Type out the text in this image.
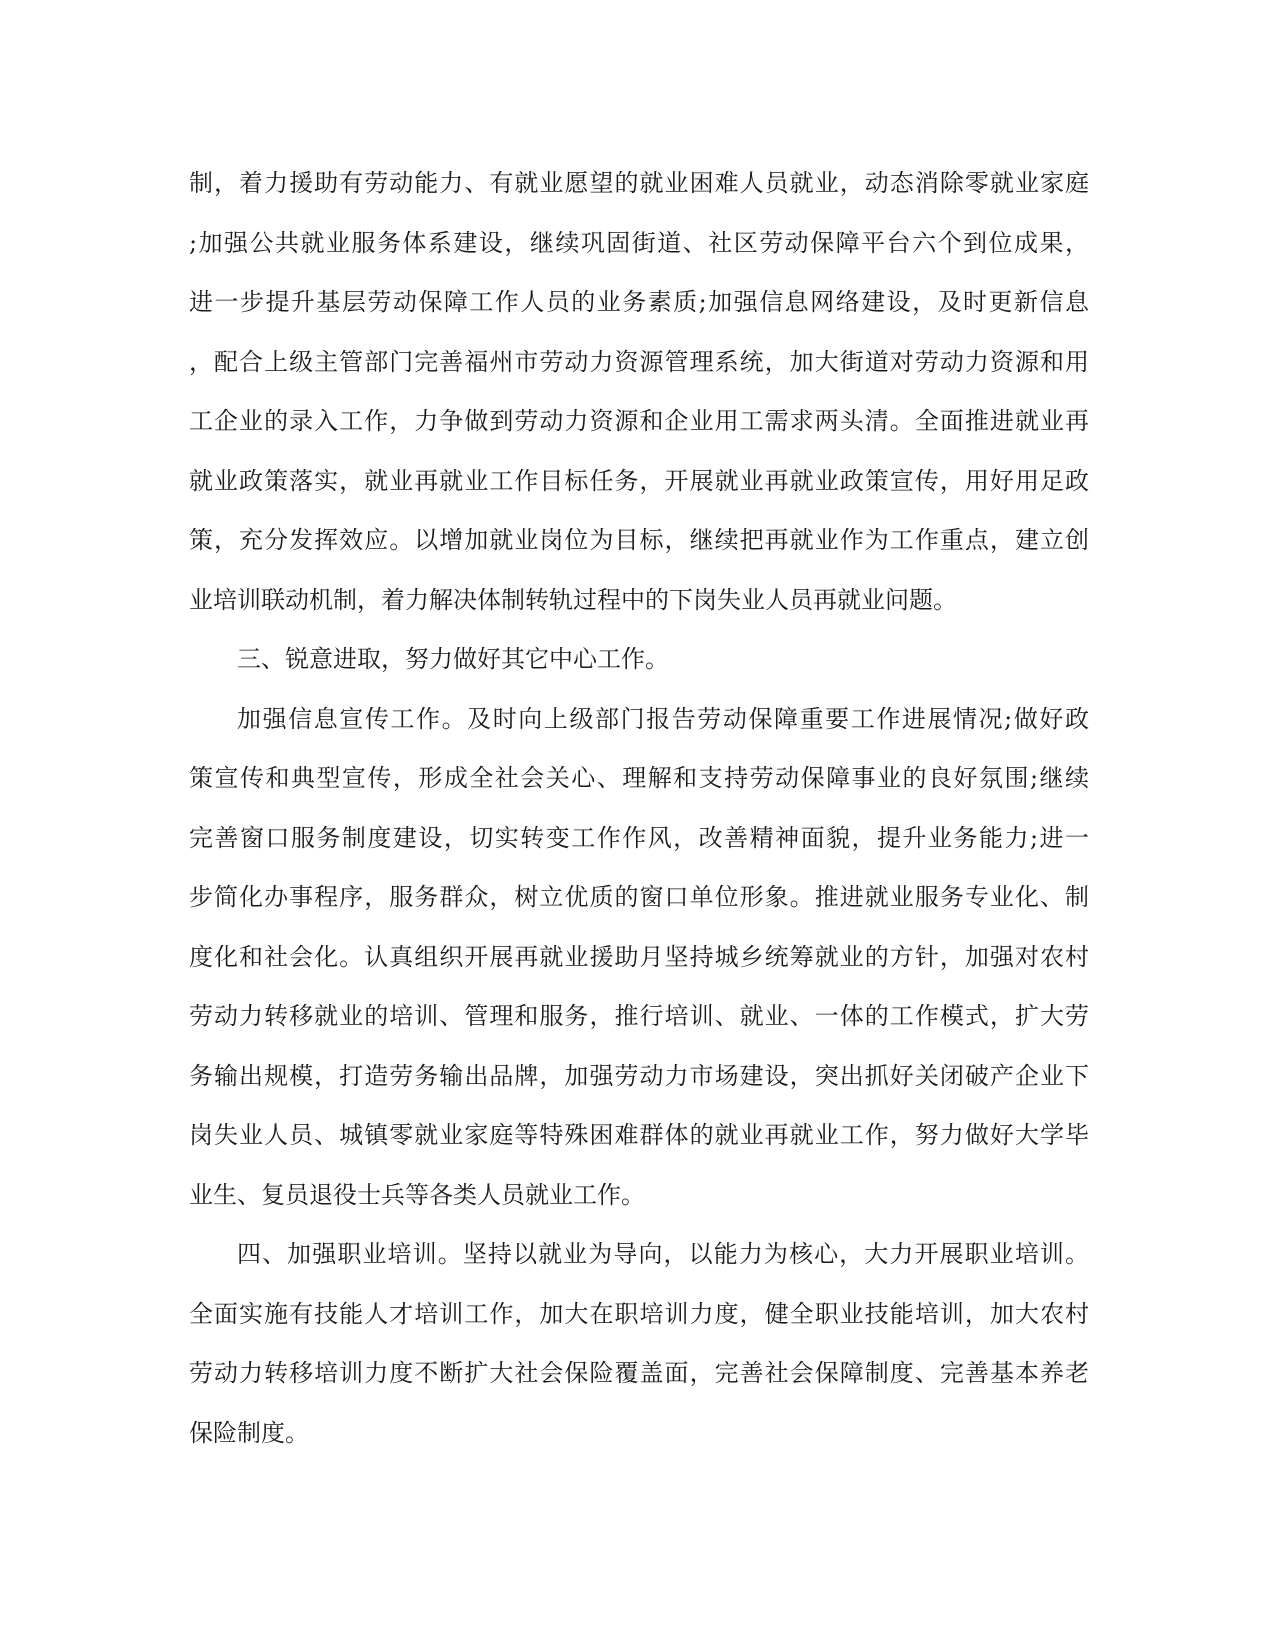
制，着力援助有劳动能力、有就业愿望的就业困难人员就业，动态消除零就业家庭
;加强公共就业服务体系建设，继续巩固街道、社区劳动保障平台六个到位成果，
进一步提升基层劳动保障工作人员的业务素质;加强信息网络建设，及时更新信息
，配合上级主管部门完善福州市劳动力资源管理系统，加大街道对劳动力资源和用
工企业的录入工作，力争做到劳动力资源和企业用工需求两头清。全面推进就业再
就业政策落实，就业再就业工作目标任务，开展就业再就业政策宣传，用好用足政
策，充分发挥效应。以增加就业岗位为目标，继续把再就业作为工作重点，建立创
业培训联动机制，着力解决体制转轨过程中的下岗失业人员再就业问题。
三、锐意进取，努力做好其它中心工作。
加强信息宣传工作。及时向上级部门报告劳动保障重要工作进展情况;做好政
策宣传和典型宣传，形成全社会关心、理解和支持劳动保障事业的良好氛围;继续
完善窗口服务制度建设，切实转变工作作风，改善精神面貌，提升业务能力;进一
步简化办事程序，服务群众，树立优质的窗口单位形象。推进就业服务专业化、制
度化和社会化。认真组织开展再就业援助月坚持城乡统筹就业的方针，加强对农村
劳动力转移就业的培训、管理和服务，推行培训、就业、一体的工作模式，扩大劳
务输出规模，打造劳务输出品牌，加强劳动力市场建设，突出抓好关闭破产企业下
岗失业人员、城镇零就业家庭等特殊困难群体的就业再就业工作，努力做好大学毕
业生、复员退役士兵等各类人员就业工作。
四、加强职业培训。坚持以就业为导向，以能力为核心，大力开展职业培训。
全面实施有技能人才培训工作，加大在职培训力度，健全职业技能培训，加大农村
劳动力转移培训力度不断扩大社会保险覆盖面，完善社会保障制度、完善基本养老
保险制度。
